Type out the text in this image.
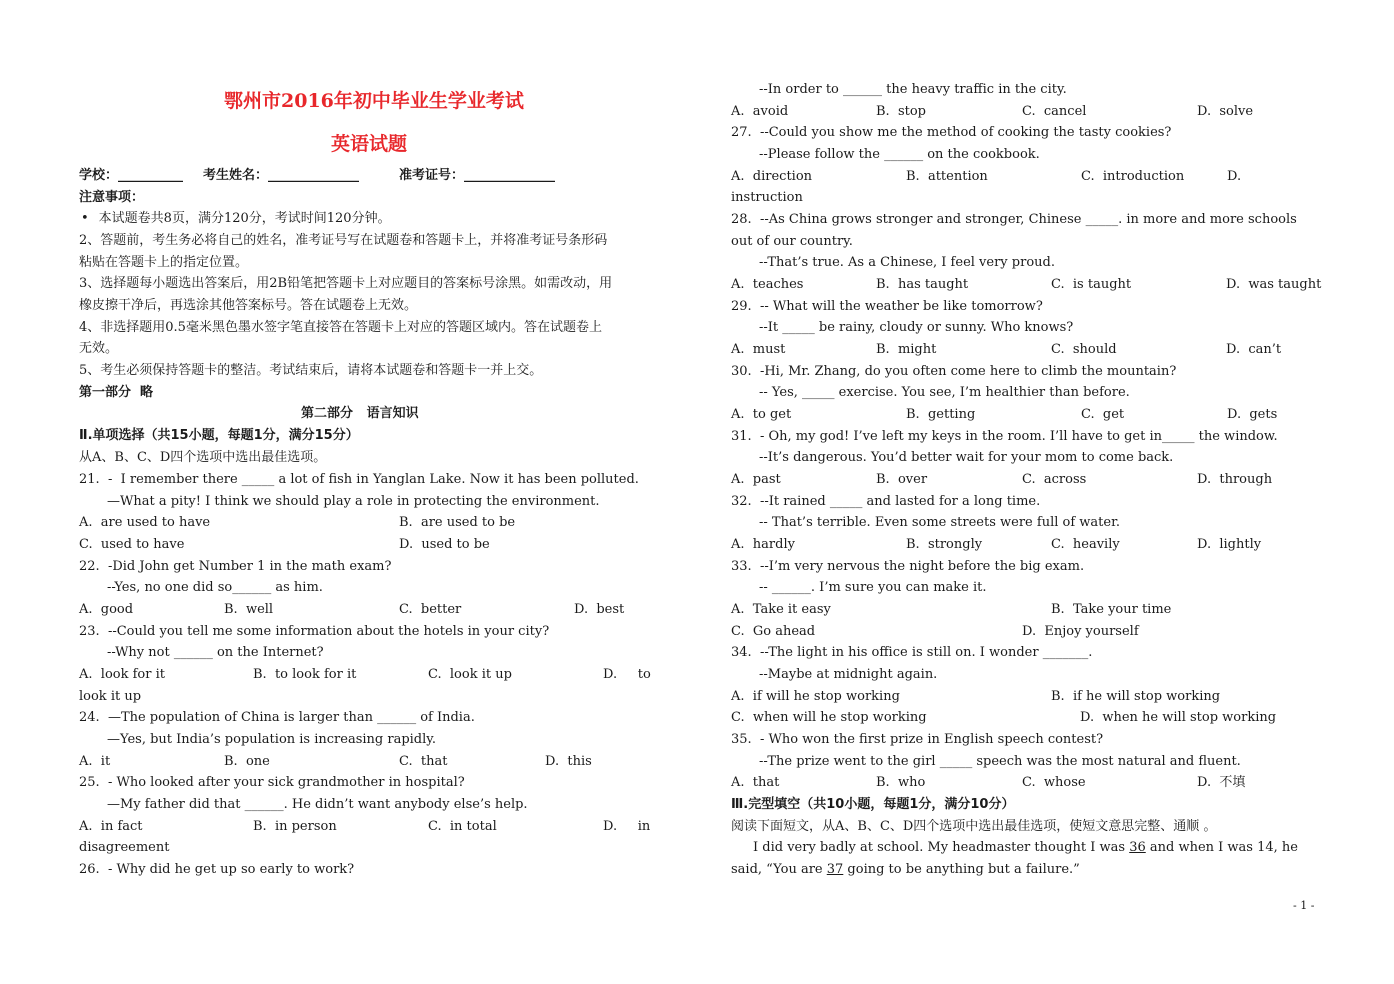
鄂州市2016年初中毕业生学业考试
英语试题
学校：__________ 考生姓名：______________	准考证号：______________
注意事项：
• 本试题卷共8页，满分120分，考试时间120分钟。
2、答题前，考生务必将自己的姓名，准考证号写在试题卷和答题卡上，并将准考证号条形码
粘贴在答题卡上的指定位置。
3、选择题每小题选出答案后，用2B铅笔把答题卡上对应题目的答案标号涂黑。如需改动，用
橡皮擦干净后，再选涂其他答案标号。答在试题卷上无效。
4、非选择题用0.5毫米黑色墨水签字笔直接答在答题卡上对应的答题区域内。答在试题卷上
无效。
5、考生必须保持答题卡的整洁。考试结束后，请将本试题卷和答题卡一并上交。
第一部分  略
第二部分   语言知识
Ⅱ.单项选择（共15小题，每题1分，满分15分）
从A、B、C、D四个选项中选出最佳选项。
21.  -  I remember there _____ a lot of fish in Yanglan Lake. Now it has been polluted.
—What a pity! I think we should play a role in protecting the environment.
A.  are used to have	B.  are used to be
C.  used to have	D.  used to be
22.  -Did John get Number 1 in the math exam?
--Yes, no one did so______ as him.
A.  good	B.  well	C.  better	D.  best
23.  --Could you tell me some information about the hotels in your city?
--Why not ______ on the Internet?
A.  look for it	B.  to look for it	C.  look it up	D.     to
look it up
24.  —The population of China is larger than ______ of India.
—Yes, but India’s population is increasing rapidly.
A.  it	B.  one	C.  that	D.  this
25.  - Who looked after your sick grandmother in hospital?
—My father did that ______. He didn’t want anybody else’s help.
A.  in fact	B.  in person	C.  in total	D.     in
disagreement
26.  - Why did he get up so early to work?
--In order to ______ the heavy traffic in the city.
A.  avoid	B.  stop	C.  cancel	D.  solve
27.  --Could you show me the method of cooking the tasty cookies?
--Please follow the ______ on the cookbook.
A.  direction	B.  attention	C.  introduction	D.
instruction
28.  --As China grows stronger and stronger, Chinese _____. in more and more schools
out of our country.
--That’s true. As a Chinese, I feel very proud.
A.  teaches	B.  has taught	C.  is taught	D.  was taught
29.  -- What will the weather be like tomorrow?
--It _____ be rainy, cloudy or sunny. Who knows?
A.  must	B.  might	C.  should	D.  can’t
30.  -Hi, Mr. Zhang, do you often come here to climb the mountain?
-- Yes, _____ exercise. You see, I’m healthier than before.
A.  to get	B.  getting	C.  get	D.  gets
31.  - Oh, my god! I’ve left my keys in the room. I’ll have to get in_____ the window.
--It’s dangerous. You’d better wait for your mom to come back.
A.  past	B.  over	C.  across	D.  through
32.  --It rained _____ and lasted for a long time.
-- That’s terrible. Even some streets were full of water.
A.  hardly	B.  strongly	C.  heavily	D.  lightly
33.  --I’m very nervous the night before the big exam.
-- ______. I’m sure you can make it.
A.  Take it easy	B.  Take your time
C.  Go ahead	D.  Enjoy yourself
34.  --The light in his office is still on. I wonder _______.
--Maybe at midnight again.
A.  if will he stop working	B.  if he will stop working
C.  when will he stop working	D.  when he will stop working
35.  - Who won the first prize in English speech contest?
--The prize went to the girl _____ speech was the most natural and fluent.
A.  that	B.  who	C.  whose	D.  不填
Ⅲ.完型填空（共10小题，每题1分，满分10分）
阅读下面短文，从A、B、C、D四个选项中选出最佳选项，使短文意思完整、通顺 。
I did very badly at school. My headmaster thought I was 36 and when I was 14, he
said, “You are 37 going to be anything but a failure.”
- 1 -
